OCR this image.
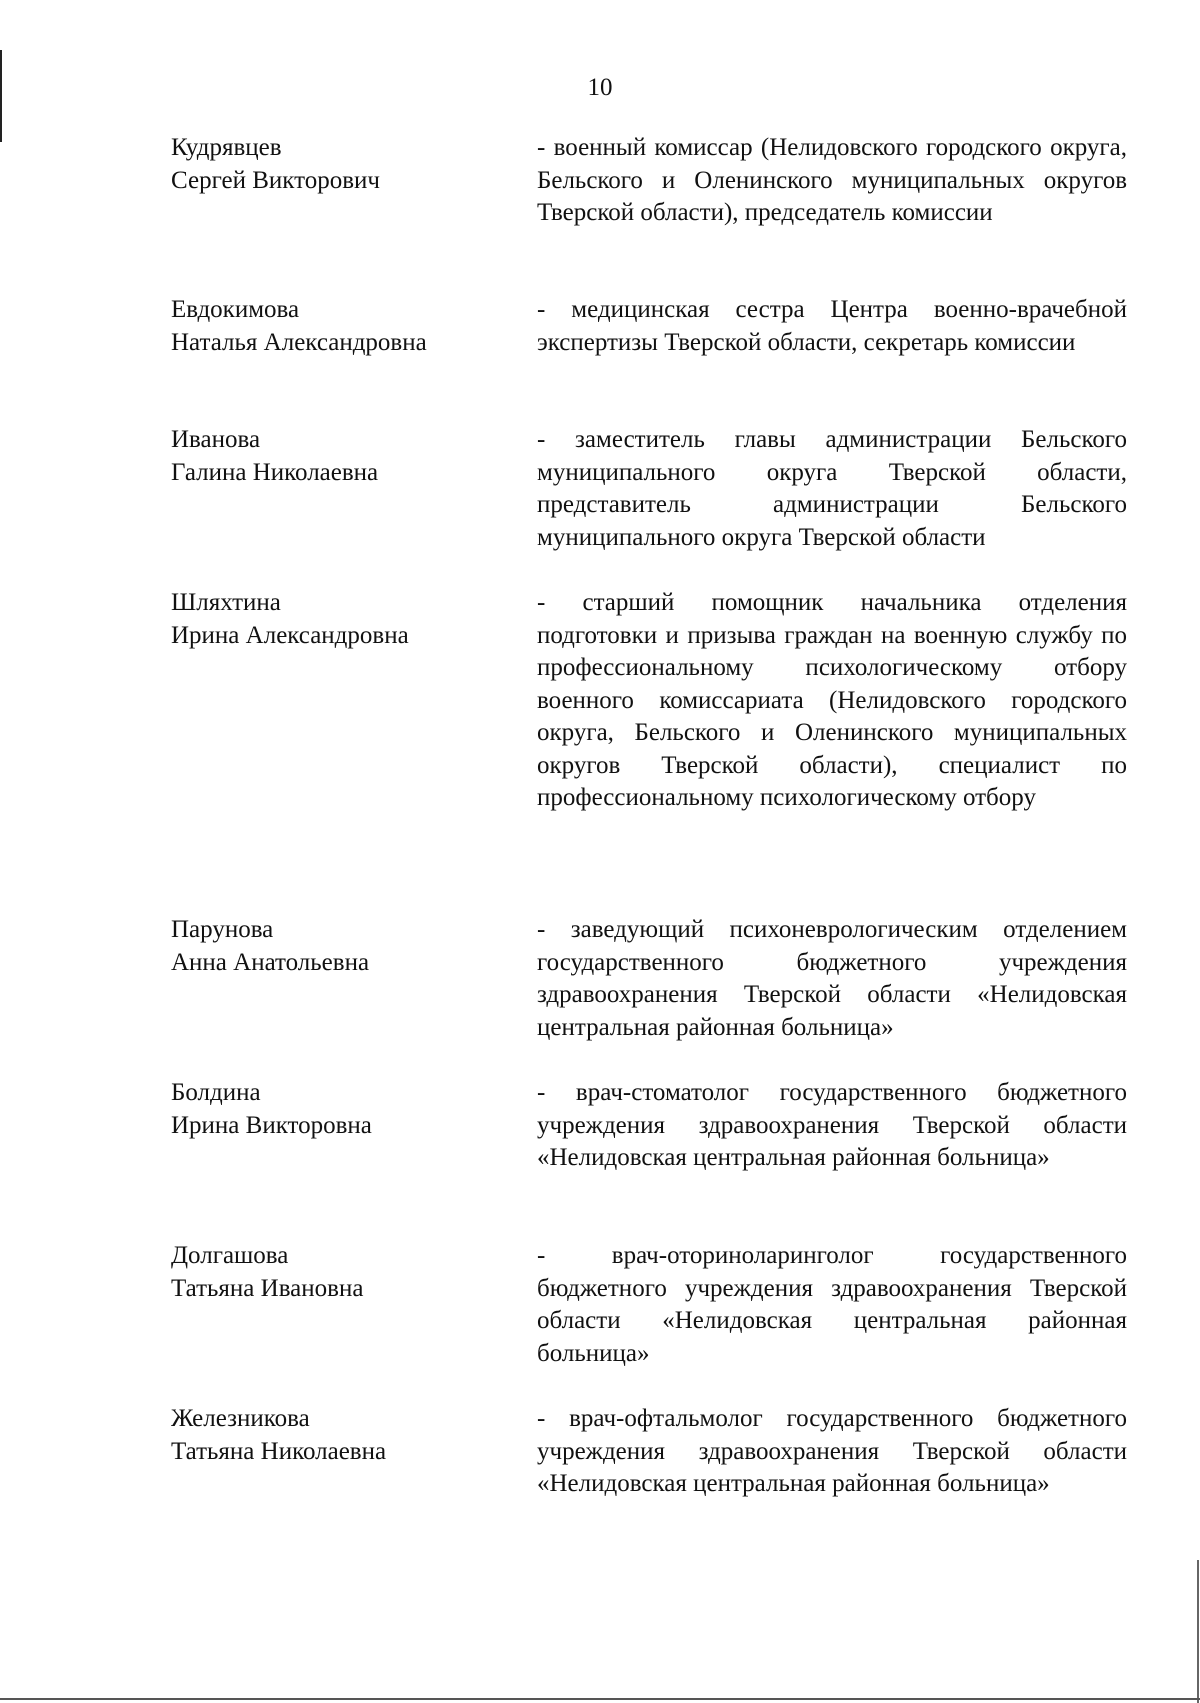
10
Кудрявцев
Сергей Викторович
- военный комиссар (Нелидовского городского округа, Бельского и Оленинского муниципальных округов Тверской области), председатель комиссии
Евдокимова
Наталья Александровна
- медицинская сестра Центра военно-врачебной экспертизы Тверской области, секретарь комиссии
Иванова
Галина Николаевна
- заместитель главы администрации Бельского муниципального округа Тверской области, представитель администрации Бельского муниципального округа Тверской области
Шляхтина
Ирина Александровна
- старший помощник начальника отделения подготовки и призыва граждан на военную службу по профессиональному психологическому отбору военного комиссариата (Нелидовского городского округа, Бельского и Оленинского муниципальных округов Тверской области), специалист по профессиональному психологическому отбору
Парунова
Анна Анатольевна
- заведующий психоневрологическим отделением государственного бюджетного учреждения здравоохранения Тверской области «Нелидовская центральная районная больница»
Болдина
Ирина Викторовна
- врач-стоматолог государственного бюджетного учреждения здравоохранения Тверской области «Нелидовская центральная районная больница»
Долгашова
Татьяна Ивановна
- врач-оториноларинголог государственного бюджетного учреждения здравоохранения Тверской области «Нелидовская центральная районная больница»
Железникова
Татьяна Николаевна
- врач-офтальмолог государственного бюджетного учреждения здравоохранения Тверской области «Нелидовская центральная районная больница»
